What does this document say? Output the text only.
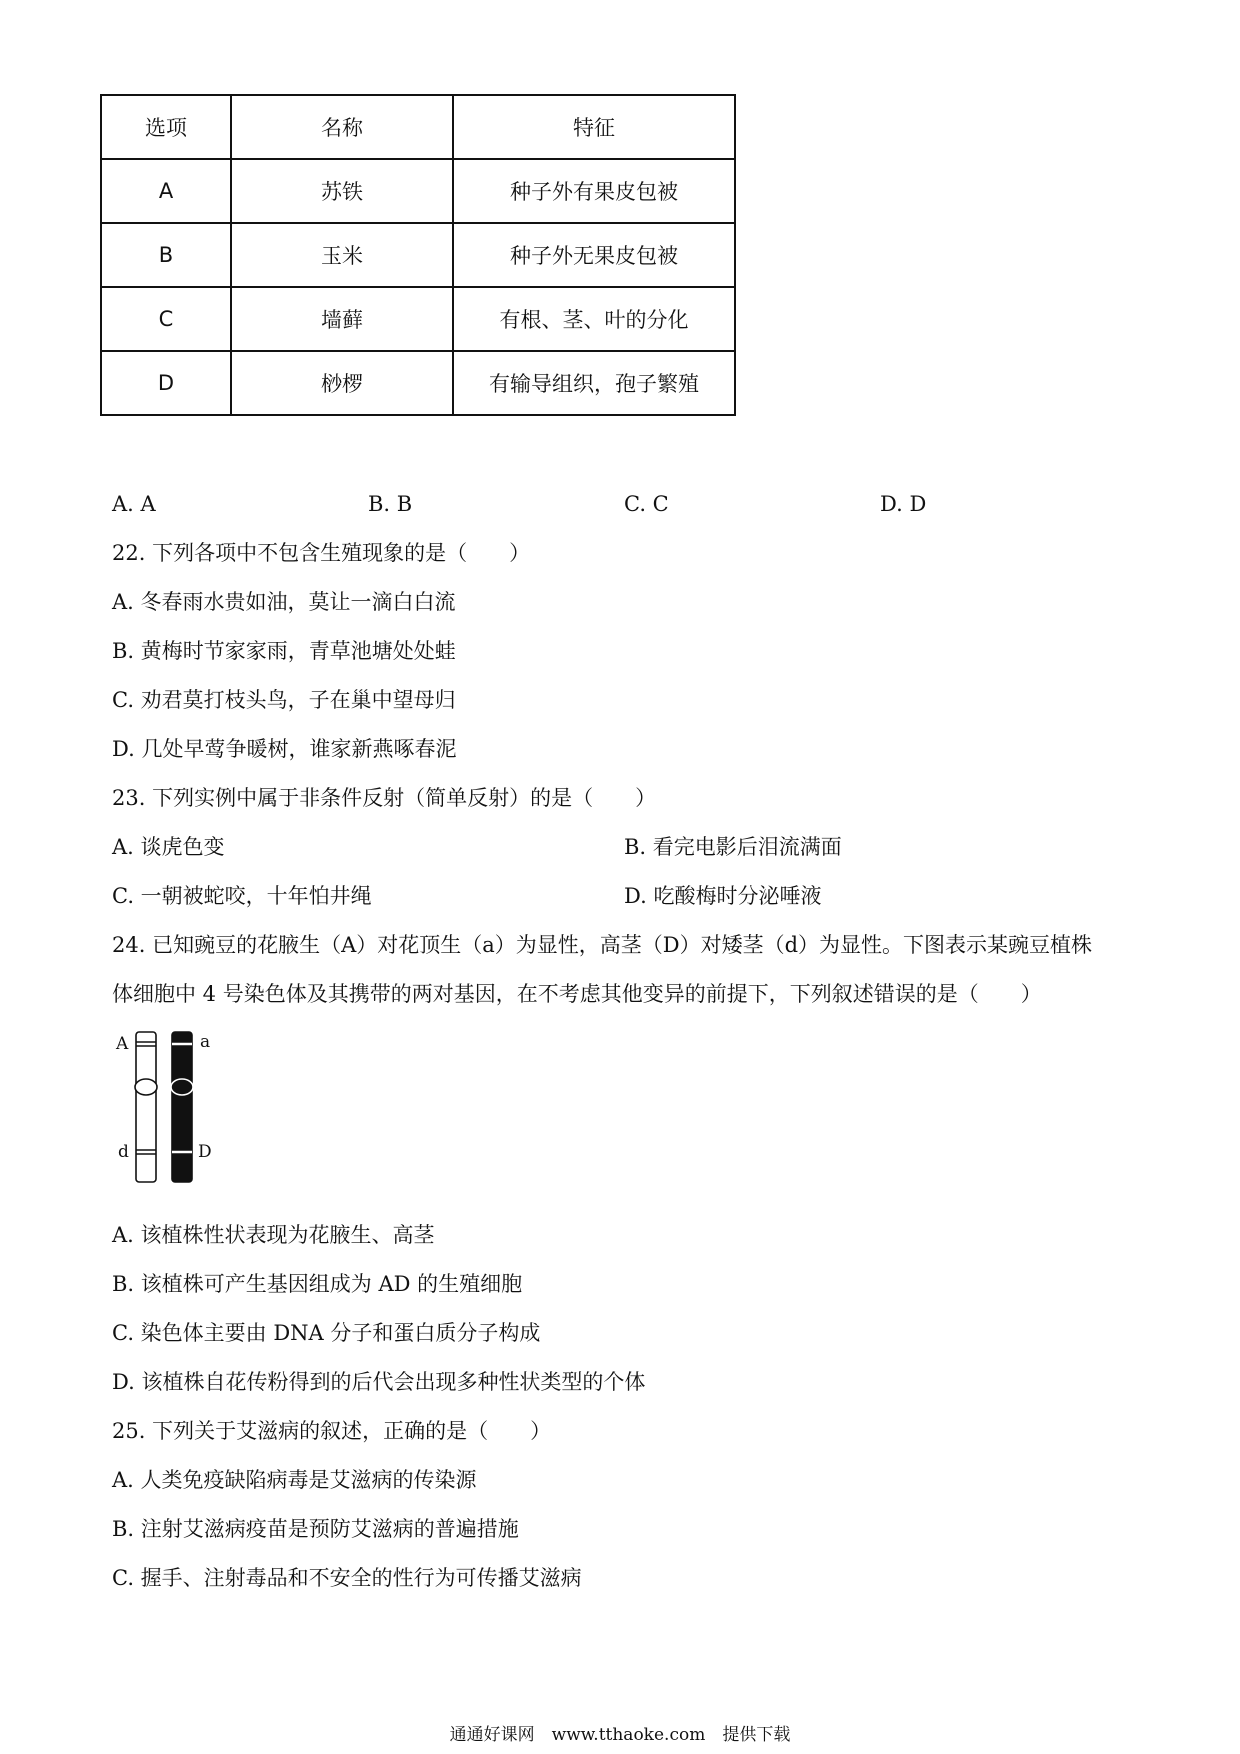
选项	名称	特征
A	苏铁	种子外有果皮包被
B	玉米	种子外无果皮包被
C	墙藓	有根、茎、叶的分化
D	桫椤	有输导组织，孢子繁殖
A. A	B. B	C. C	D. D
22. 下列各项中不包含生殖现象的是（　　）
A. 冬春雨水贵如油，莫让一滴白白流
B. 黄梅时节家家雨，青草池塘处处蛙
C. 劝君莫打枝头鸟，子在巢中望母归
D. 几处早莺争暖树，谁家新燕啄春泥
23. 下列实例中属于非条件反射（简单反射）的是（　　）
A. 谈虎色变	B. 看完电影后泪流满面
C. 一朝被蛇咬，十年怕井绳	D. 吃酸梅时分泌唾液
24. 已知豌豆的花腋生（A）对花顶生（a）为显性，高茎（D）对矮茎（d）为显性。下图表示某豌豆植株
体细胞中 4 号染色体及其携带的两对基因，在不考虑其他变异的前提下，下列叙述错误的是（　　）
A	a
d	D
A. 该植株性状表现为花腋生、高茎
B. 该植株可产生基因组成为 AD 的生殖细胞
C. 染色体主要由 DNA 分子和蛋白质分子构成
D. 该植株自花传粉得到的后代会出现多种性状类型的个体
25. 下列关于艾滋病的叙述，正确的是（　　）
A. 人类免疫缺陷病毒是艾滋病的传染源
B. 注射艾滋病疫苗是预防艾滋病的普遍措施
C. 握手、注射毒品和不安全的性行为可传播艾滋病
通通好课网　www.tthaoke.com　提供下载
